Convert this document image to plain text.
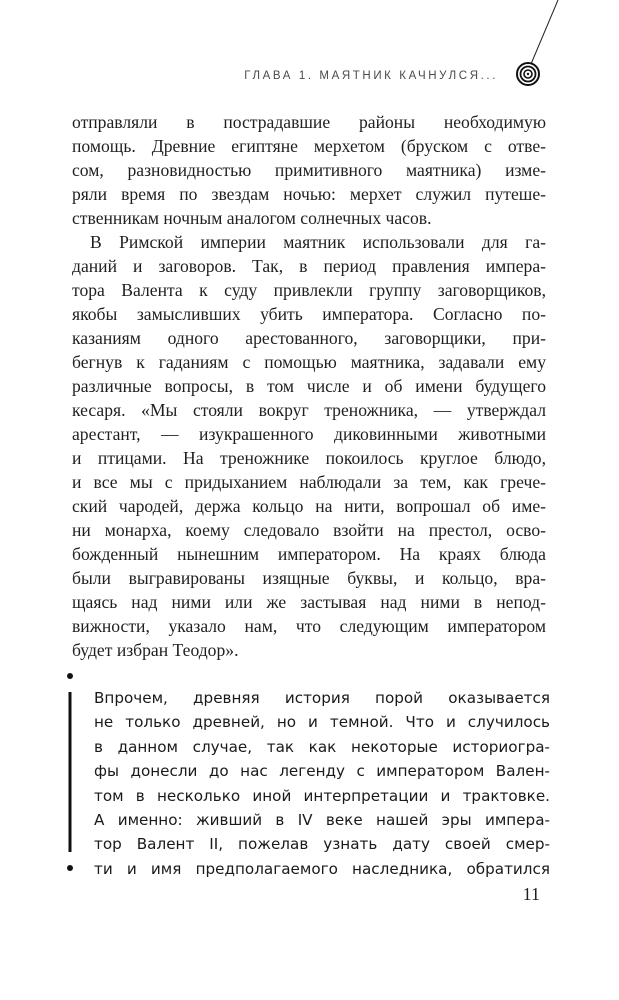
ГЛАВА 1. МАЯТНИК КАЧНУЛСЯ...
отправляли в пострадавшие районы необходимую
помощь. Древние египтяне мерхетом (бруском с отве-
сом, разновидностью примитивного маятника) изме-
ряли время по звездам ночью: мерхет служил путеше-
ственникам ночным аналогом солнечных часов.
В Римской империи маятник использовали для га-
даний и заговоров. Так, в период правления импера-
тора Валента к суду привлекли группу заговорщиков,
якобы замысливших убить императора. Согласно по-
казаниям одного арестованного, заговорщики, при-
бегнув к гаданиям с помощью маятника, задавали ему
различные вопросы, в том числе и об имени будущего
кесаря. «Мы стояли вокруг треножника, — утверждал
арестант, — изукрашенного диковинными животными
и птицами. На треножнике покоилось круглое блюдо,
и все мы с придыханием наблюдали за тем, как грече-
ский чародей, держа кольцо на нити, вопрошал об име-
ни монарха, коему следовало взойти на престол, осво-
божденный нынешним императором. На краях блюда
были выгравированы изящные буквы, и кольцо, вра-
щаясь над ними или же застывая над ними в непод-
вижности, указало нам, что следующим императором
будет избран Теодор».
Впрочем, древняя история порой оказывается
не только древней, но и темной. Что и случилось
в данном случае, так как некоторые историогра-
фы донесли до нас легенду с императором Вален-
том в несколько иной интерпретации и трактовке.
А именно: живший в IV веке нашей эры импера-
тор Валент II, пожелав узнать дату своей смер-
ти и имя предполагаемого наследника, обратился
11
